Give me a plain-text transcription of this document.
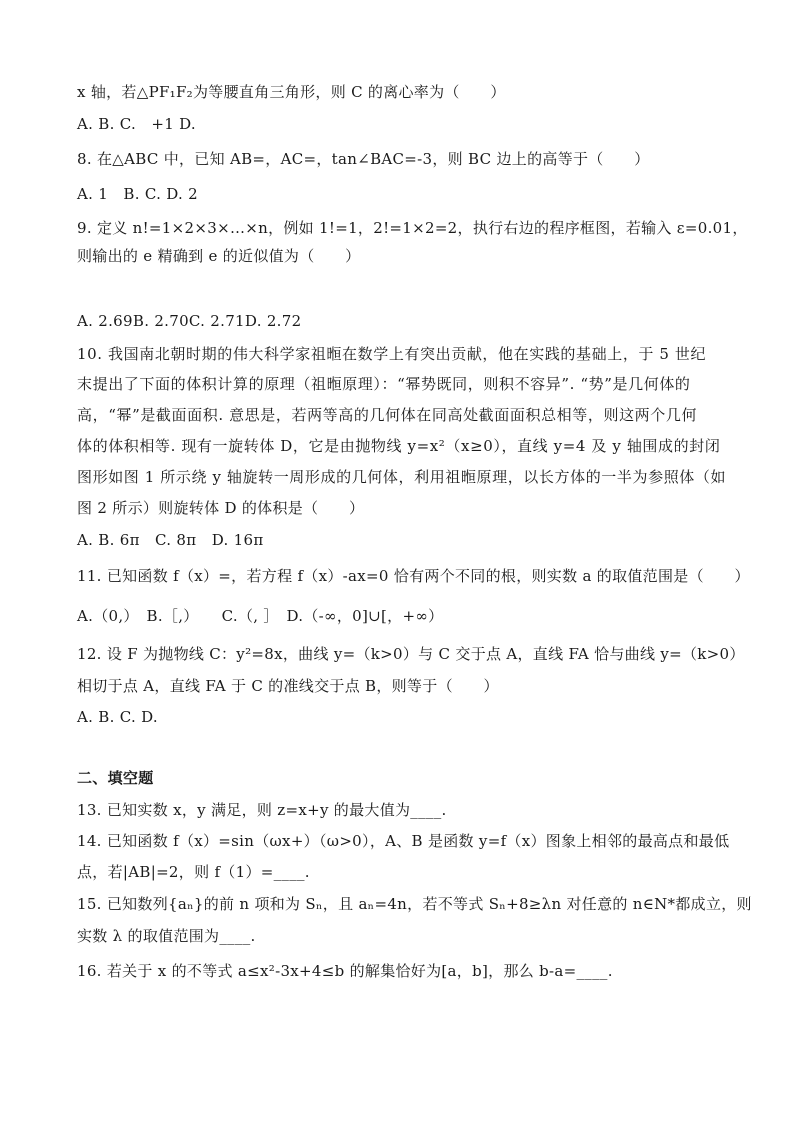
x 轴，若△PF₁F₂为等腰直角三角形，则 C 的离心率为（　　）
A. B. C.　+1 D.
8. 在△ABC 中，已知 AB=，AC=，tan∠BAC=-3，则 BC 边上的高等于（　　）
A. 1　B. C. D. 2
9. 定义 n!=1×2×3×…×n，例如 1!=1，2!=1×2=2，执行右边的程序框图，若输入 ε=0.01，
则输出的 e 精确到 e 的近似值为（　　）
A. 2.69B. 2.70C. 2.71D. 2.72
10. 我国南北朝时期的伟大科学家祖暅在数学上有突出贡献，他在实践的基础上，于 5 世纪
末提出了下面的体积计算的原理（祖暅原理）：“幂势既同，则积不容异”. “势”是几何体的
高，“幂”是截面面积. 意思是，若两等高的几何体在同高处截面面积总相等，则这两个几何
体的体积相等. 现有一旋转体 D，它是由抛物线 y=x²（x≥0），直线 y=4 及 y 轴围成的封闭
图形如图 1 所示绕 y 轴旋转一周形成的几何体，利用祖暅原理，以长方体的一半为参照体（如
图 2 所示）则旋转体 D 的体积是（　　）
A. B. 6π　C. 8π　D. 16π
11. 已知函数 f（x）=，若方程 f（x）-ax=0 恰有两个不同的根，则实数 a 的取值范围是（　　）
A.（0,）　B.［,）　　C.（, ］　D.（-∞，0]∪[，+∞）
12. 设 F 为抛物线 C：y²=8x，曲线 y=（k>0）与 C 交于点 A，直线 FA 恰与曲线 y=（k>0）
相切于点 A，直线 FA 于 C 的准线交于点 B，则等于（　　）
A. B. C. D.
二、填空题
13. 已知实数 x，y 满足，则 z=x+y 的最大值为____.
14. 已知函数 f（x）=sin（ωx+）（ω>0），A、B 是函数 y=f（x）图象上相邻的最高点和最低
点，若|AB|=2，则 f（1）=____.
15. 已知数列{aₙ}的前 n 项和为 Sₙ，且 aₙ=4n，若不等式 Sₙ+8≥λn 对任意的 n∈N*都成立，则
实数 λ 的取值范围为____.
16. 若关于 x 的不等式 a≤x²-3x+4≤b 的解集恰好为[a，b]，那么 b-a=____.
